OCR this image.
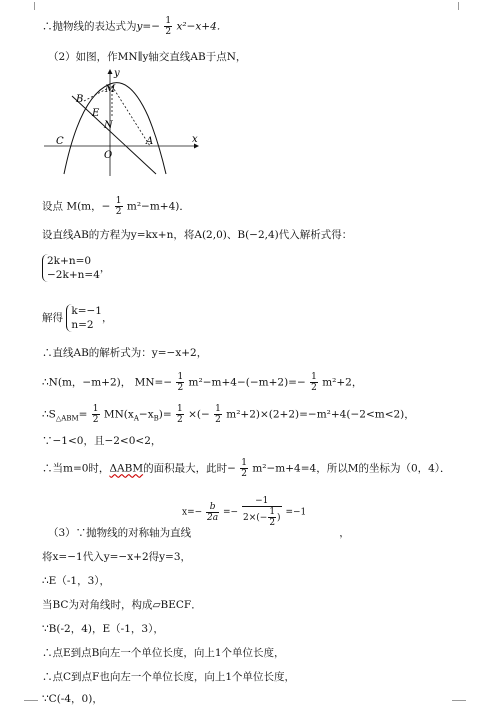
∴抛物线的表达式为$y=- \frac{1}{2} x^2-x+4$．
（2）如图，作MN∥y轴交直线AB于点N，
B
M
E
N
C
O
A	x
y
设点 M(m，− $\frac{1}{2} m^2-m+4$)．
设直线AB的方程为y=kx+n，将A(2,0)、B(−2,4)代入解析式得：
2k+n=0
−2k+n=4
，
解得
k=−1
n=2
，
∴直线AB的解析式为：y=−x+2，
∴N(m，−m+2)， $MN=- \frac{1}{2} m^2-m+4-(-m+2)=- \frac{1}{2} m^2+2$，
$\therefore S_{\triangle ABM}= \frac{1}{2} MN(x_A-x_B)= \frac{1}{2}$ ×(− $\frac{1}{2} m^2+2)\times(2+2)=-m^2+4(-2<m<2)$，
∵−1<0，且−2<0<2，
∴当m=0时，ΔABM的面积最大，此时− $\frac{1}{2} m^2-m+4=4$，所以M的坐标为（0，4）．
$x=- \frac{b}{2a} =- \frac{-1}{2\times(- \frac{1}{2} )} =-1$
（3）∵抛物线的对称轴为直线	，
将x=−1代入y=−x+2得y=3，
∴E（-1，3），
当BC为对角线时，构成▱BECF．
∵B(-2，4)，E（-1，3），
∴点E到点B向左一个单位长度，向上1个单位长度，
∴点C到点F也向左一个单位长度，向上1个单位长度，
∵C(-4，0)，
